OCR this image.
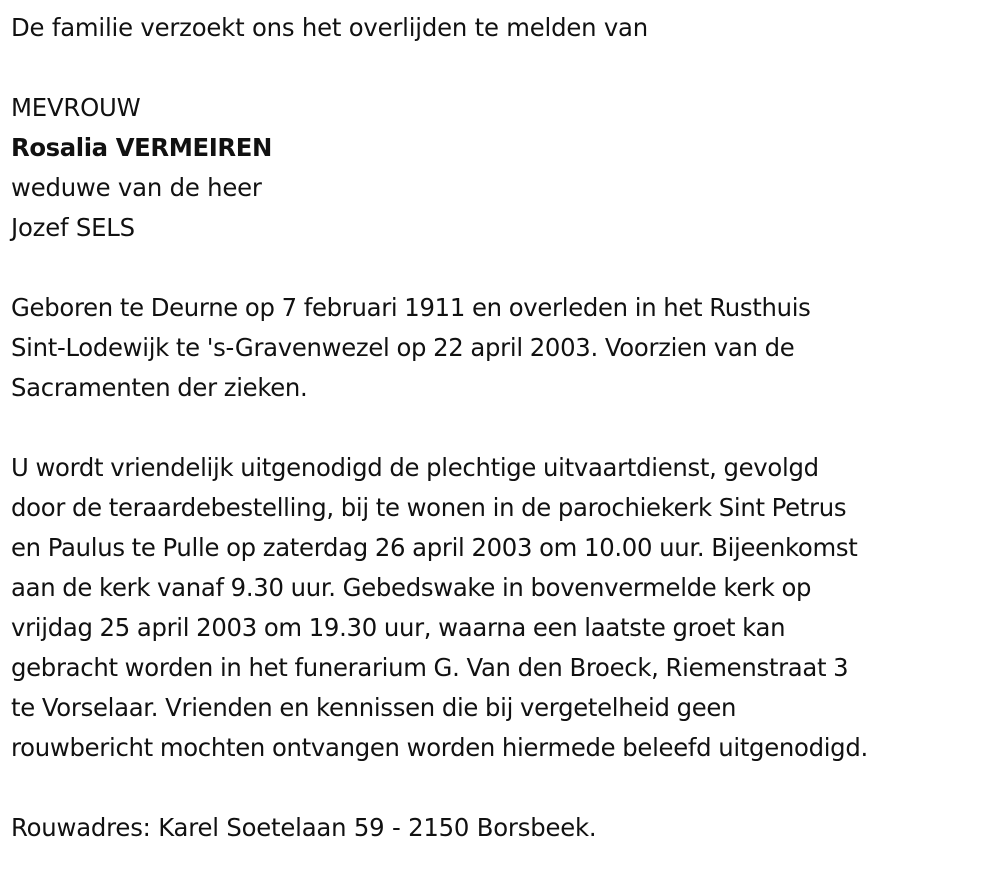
De familie verzoekt ons het overlijden te melden van

MEVROUW

Rosalia VERMEIREN

weduwe van de heer

Jozef SELS

Geboren te Deurne op 7 februari 1911 en overleden in het Rusthuis
Sint-Lodewijk te 's-Gravenwezel op 22 april 2003. Voorzien van de
Sacramenten der zieken.

U wordt vriendelijk uitgenodigd de plechtige uitvaartdienst, gevolgd
door de teraardebestelling, bij te wonen in de parochiekerk Sint Petrus
en Paulus te Pulle op zaterdag 26 april 2003 om 10.00 uur. Bijeenkomst
aan de kerk vanaf 9.30 uur. Gebedswake in bovenvermelde kerk op
vrijdag 25 april 2003 om 19.30 uur, waarna een laatste groet kan
gebracht worden in het funerarium G. Van den Broeck, Riemenstraat 3
te Vorselaar. Vrienden en kennissen die bij vergetelheid geen
rouwbericht mochten ontvangen worden hiermede beleefd uitgenodigd.

Rouwadres: Karel Soetelaan 59 - 2150 Borsbeek.
